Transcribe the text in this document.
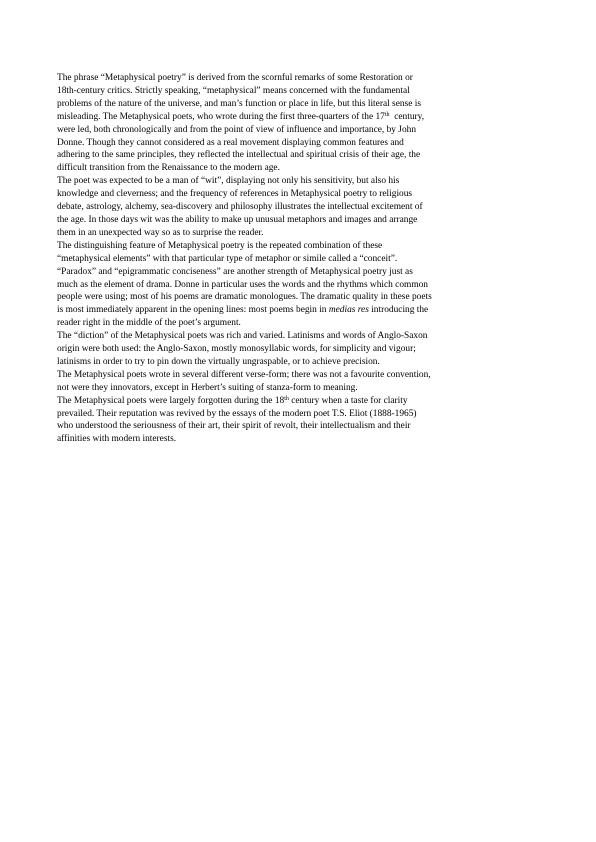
The phrase “Metaphysical poetry” is derived from the scornful remarks of some Restoration or
18th-century critics. Strictly speaking, “metaphysical” means concerned with the fundamental
problems of the nature of the universe, and man’s function or place in life, but this literal sense is
misleading. The Metaphysical poets, who wrote during the first three-quarters of the 17th  century,
were led, both chronologically and from the point of view of influence and importance, by John
Donne. Though they cannot considered as a real movement displaying common features and
adhering to the same principles, they reflected the intellectual and spiritual crisis of their age, the
difficult transition from the Renaissance to the modern age.

The poet was expected to be a man of “wit”, displaying not only his sensitivity, but also his
knowledge and cleverness; and the frequency of references in Metaphysical poetry to religious
debate, astrology, alchemy, sea-discovery and philosophy illustrates the intellectual excitement of
the age. In those days wit was the ability to make up unusual metaphors and images and arrange
them in an unexpected way so as to surprise the reader.

The distinguishing feature of Metaphysical poetry is the repeated combination of these
“metaphysical elements” with that particular type of metaphor or simile called a “conceit”.
“Paradox” and “epigrammatic conciseness” are another strength of Metaphysical poetry just as
much as the element of drama. Donne in particular uses the words and the rhythms which common
people were using; most of his poems are dramatic monologues. The dramatic quality in these poets
is most immediately apparent in the opening lines: most poems begin in medias res introducing the
reader right in the middle of the poet’s argument.

The “diction” of the Metaphysical poets was rich and varied. Latinisms and words of Anglo-Saxon
origin were both used: the Anglo-Saxon, mostly monosyllabic words, for simplicity and vigour;
latinisms in order to try to pin down the virtually ungraspable, or to achieve precision.

The Metaphysical poets wrote in several different verse-form; there was not a favourite convention,
not were they innovators, except in Herbert’s suiting of stanza-form to meaning.

The Metaphysical poets were largely forgotten during the 18th century when a taste for clarity
prevailed. Their reputation was revived by the essays of the modern poet T.S. Eliot (1888-1965)
who understood the seriousness of their art, their spirit of revolt, their intellectualism and their
affinities with modern interests.
